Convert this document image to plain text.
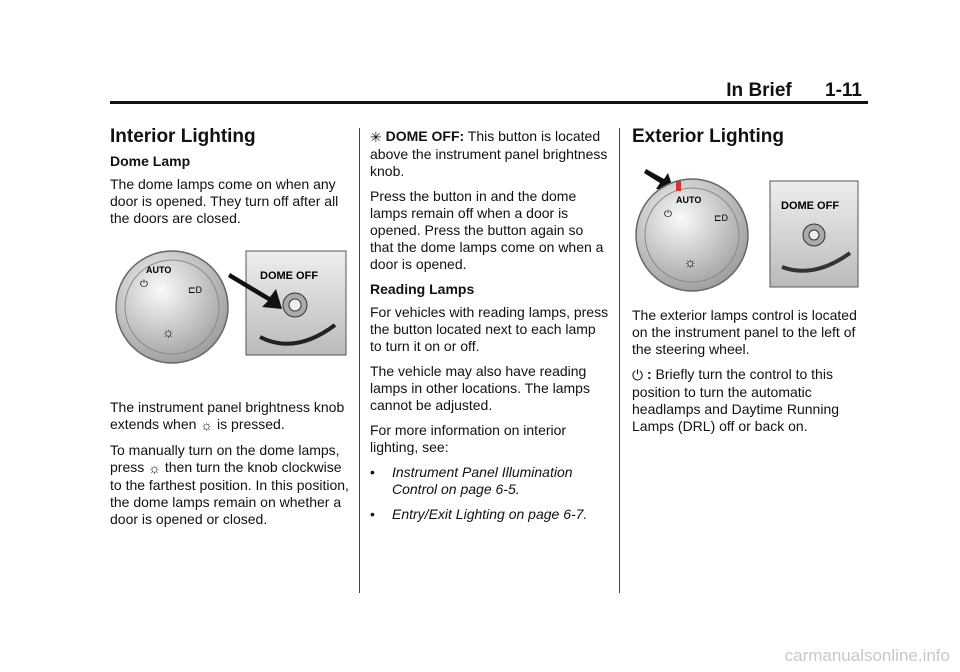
In Brief 1-11
Interior Lighting
Dome Lamp

The dome lamps come on when any door is opened. They turn off after all the doors are closed.

AUTO
⏻	⊏D
☼
DOME OFF

The instrument panel brightness knob extends when ☼ is pressed.

To manually turn on the dome lamps, press ☼ then turn the knob clockwise to the farthest position. In this position, the dome lamps remain on whether a door is opened or closed.

✳ DOME OFF: This button is located above the instrument panel brightness knob.

Press the button in and the dome lamps remain off when a door is opened. Press the button again so that the dome lamps come on when a door is opened.

Reading Lamps

For vehicles with reading lamps, press the button located next to each lamp to turn it on or off.

The vehicle may also have reading lamps in other locations. The lamps cannot be adjusted.

For more information on interior lighting, see:

•	Instrument Panel Illumination Control on page 6-5.
•	Entry/Exit Lighting on page 6-7.
Exterior Lighting
AUTO
⏻	⊏D
☼
DOME OFF

The exterior lamps control is located on the instrument panel to the left of the steering wheel.

⏻ : Briefly turn the control to this position to turn the automatic headlamps and Daytime Running Lamps (DRL) off or back on.

carmanualsonline.info
